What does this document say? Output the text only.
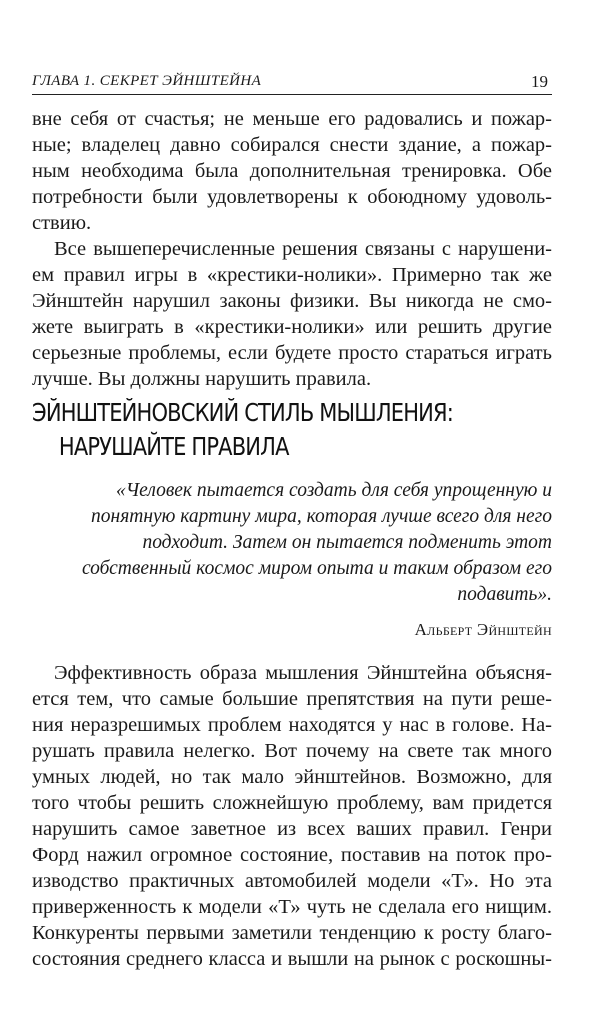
ГЛАВА 1. СЕКРЕТ ЭЙНШТЕЙНА	19
вне себя от счастья; не меньше его радовались и пожар-
ные; владелец давно собирался снести здание, а пожар-
ным необходима была дополнительная тренировка. Обе
потребности были удовлетворены к обоюдному удоволь-
ствию.
Все вышеперечисленные решения связаны с нарушени-
ем правил игры в «крестики-нолики». Примерно так же
Эйнштейн нарушил законы физики. Вы никогда не смо-
жете выиграть в «крестики-нолики» или решить другие
серьезные проблемы, если будете просто стараться играть
лучше. Вы должны нарушить правила.
ЭЙНШТЕЙНОВСКИЙ СТИЛЬ МЫШЛЕНИЯ:
НАРУШАЙТЕ ПРАВИЛА
«Человек пытается создать для себя упрощенную и
понятную картину мира, которая лучше всего для него
подходит. Затем он пытается подменить этот
собственный космос миром опыта и таким образом его
подавить».
Альберт Эйнштейн
Эффективность образа мышления Эйнштейна объясня-
ется тем, что самые большие препятствия на пути реше-
ния неразрешимых проблем находятся у нас в голове. На-
рушать правила нелегко. Вот почему на свете так много
умных людей, но так мало эйнштейнов. Возможно, для
того чтобы решить сложнейшую проблему, вам придется
нарушить самое заветное из всех ваших правил. Генри
Форд нажил огромное состояние, поставив на поток про-
изводство практичных автомобилей модели «Т». Но эта
приверженность к модели «Т» чуть не сделала его нищим.
Конкуренты первыми заметили тенденцию к росту благо-
состояния среднего класса и вышли на рынок с роскошны-
